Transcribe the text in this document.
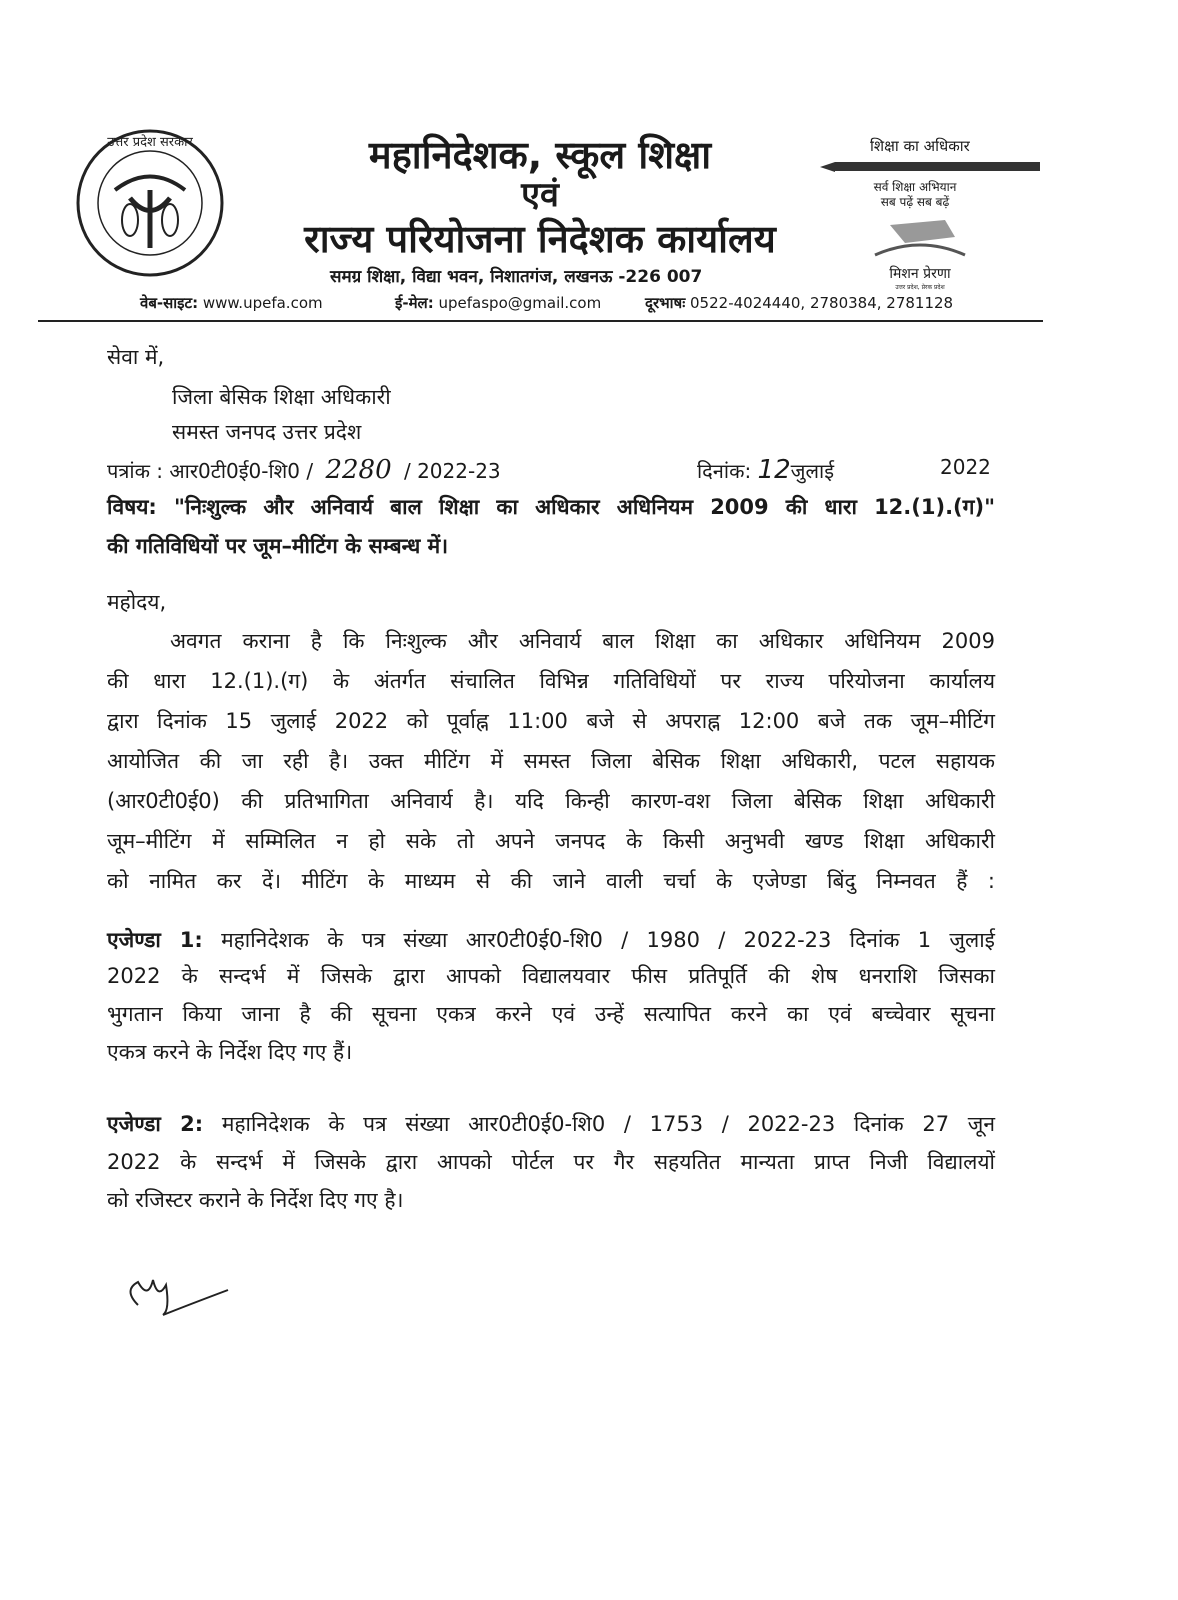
उत्तर प्रदेश सरकार	महानिदेशक, स्कूल शिक्षा
एवं
राज्य परियोजना निदेशक कार्यालय
समग्र शिक्षा, विद्या भवन, निशातगंज, लखनऊ -226 007
शिक्षा का अधिकार
सर्व शिक्षा अभियान
सब पढ़ें सब बढ़ें
मिशन प्रेरणा
उत्तर प्रदेश, प्रेरक प्रदेश
वेब-साइट: www.upefa.com	ई-मेल: upefaspo@gmail.com	दूरभाषः 0522-4024440, 2780384, 2781128
सेवा में,
जिला बेसिक शिक्षा अधिकारी
समस्त जनपद उत्तर प्रदेश
पत्रांक : आर0टी0ई0-शि0 / 2280 / 2022-23	दिनांक: 12जुलाई	2022
विषय: "निःशुल्क और अनिवार्य बाल शिक्षा का अधिकार अधिनियम 2009 की धारा 12.(1).(ग)"
की गतिविधियों पर जूम–मीटिंग के सम्बन्ध में।
महोदय,
अवगत कराना है कि निःशुल्क और अनिवार्य बाल शिक्षा का अधिकार अधिनियम 2009
की धारा 12.(1).(ग) के अंतर्गत संचालित विभिन्न गतिविधियों पर राज्य परियोजना कार्यालय
द्वारा दिनांक 15 जुलाई 2022 को पूर्वाह्न 11:00 बजे से अपराह्न 12:00 बजे तक जूम–मीटिंग
आयोजित की जा रही है। उक्त मीटिंग में समस्त जिला बेसिक शिक्षा अधिकारी, पटल सहायक
(आर0टी0ई0) की प्रतिभागिता अनिवार्य है। यदि किन्ही कारण-वश जिला बेसिक शिक्षा अधिकारी
जूम–मीटिंग में सम्मिलित न हो सके तो अपने जनपद के किसी अनुभवी खण्ड शिक्षा अधिकारी
को नामित कर दें। मीटिंग के माध्यम से की जाने वाली चर्चा के एजेण्डा बिंदु निम्नवत हैं :
एजेण्डा 1: महानिदेशक के पत्र संख्या आर0टी0ई0-शि0 / 1980 / 2022-23 दिनांक 1 जुलाई
2022 के सन्दर्भ में जिसके द्वारा आपको विद्यालयवार फीस प्रतिपूर्ति की शेष धनराशि जिसका
भुगतान किया जाना है की सूचना एकत्र करने एवं उन्हें सत्यापित करने का एवं बच्चेवार सूचना
एकत्र करने के निर्देश दिए गए हैं।
एजेण्डा 2: महानिदेशक के पत्र संख्या आर0टी0ई0-शि0 / 1753 / 2022-23 दिनांक 27 जून
2022 के सन्दर्भ में जिसके द्वारा आपको पोर्टल पर गैर सहयतित मान्यता प्राप्त निजी विद्यालयों
को रजिस्टर कराने के निर्देश दिए गए है।
